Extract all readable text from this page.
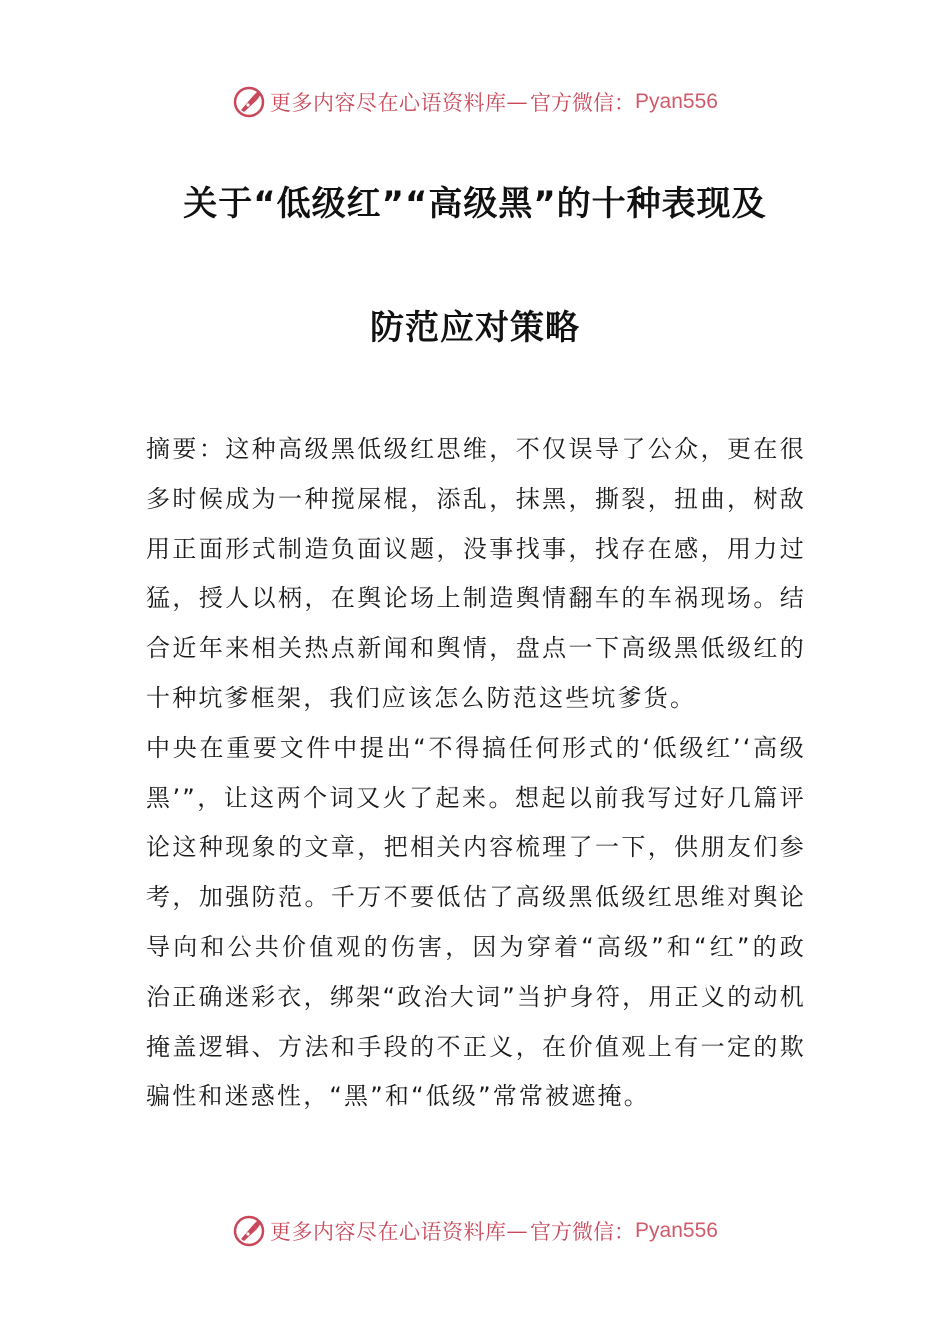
更多内容尽在心语资料库 — 官方微信： Pyan556
关于“低级红”“高级黑”的十种表现及
防范应对策略

摘要：这种高级黑低级红思维，不仅误导了公众，更在很多时候成为一种搅屎棍，添乱，抹黑，撕裂，扭曲，树敌用正面形式制造负面议题，没事找事，找存在感，用力过猛，授人以柄，在舆论场上制造舆情翻车的车祸现场。结合近年来相关热点新闻和舆情，盘点一下高级黑低级红的十种坑爹框架，我们应该怎么防范这些坑爹货。

中央在重要文件中提出“不得搞任何形式的‘低级红’‘高级黑’”，让这两个词又火了起来。想起以前我写过好几篇评论这种现象的文章，把相关内容梳理了一下，供朋友们参考，加强防范。千万不要低估了高级黑低级红思维对舆论导向和公共价值观的伤害，因为穿着“高级”和“红”的政治正确迷彩衣，绑架“政治大词”当护身符，用正义的动机掩盖逻辑、方法和手段的不正义，在价值观上有一定的欺骗性和迷惑性，“黑”和“低级”常常被遮掩。

更多内容尽在心语资料库 — 官方微信： Pyan556
